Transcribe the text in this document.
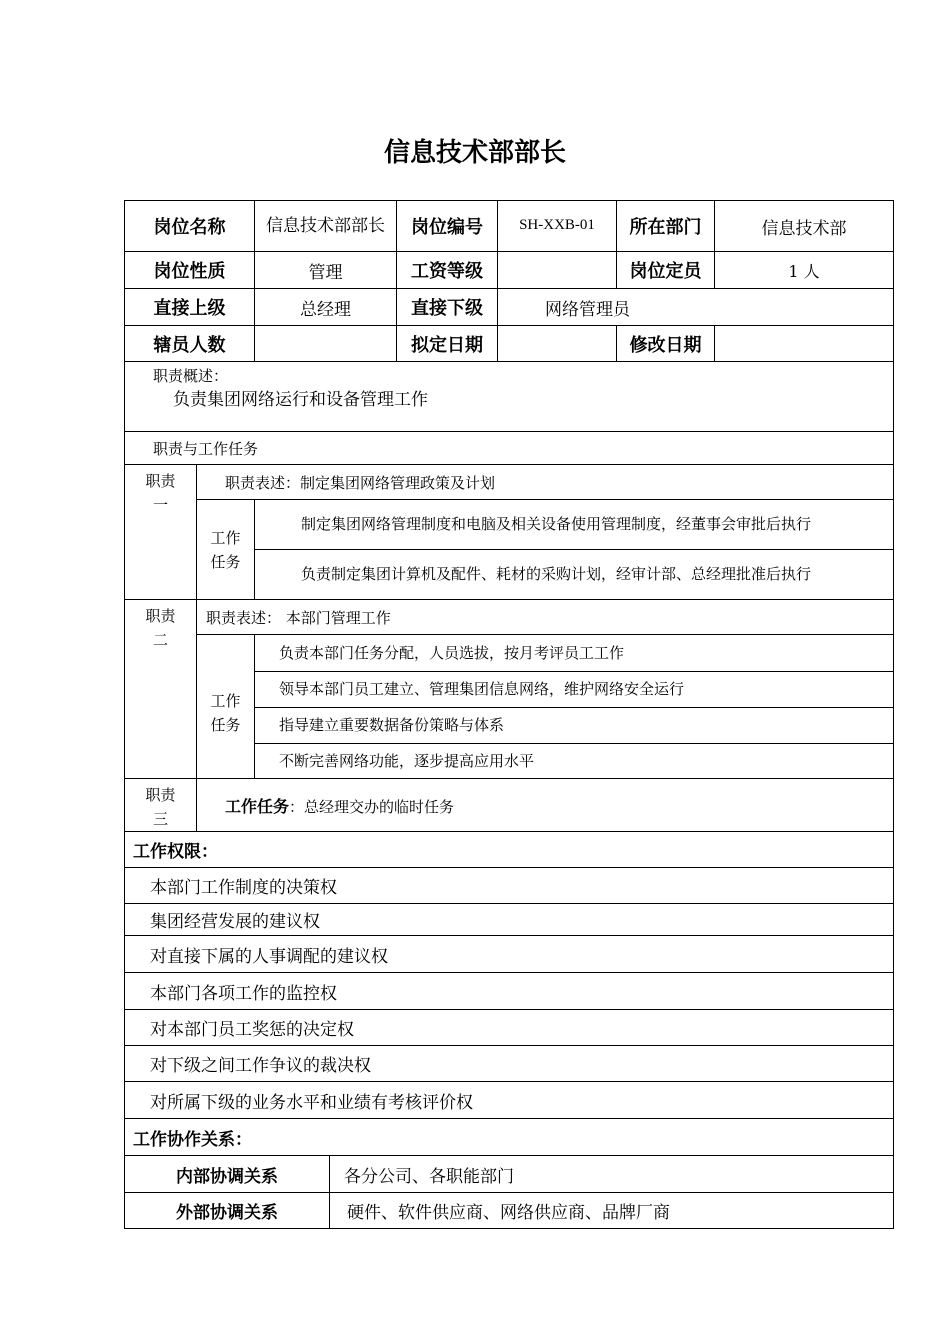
信息技术部部长
岗位名称		信息技术部部长		岗位编号	SH-XXB-01	所在部门	信息技术部
岗位性质		管理		工资等级		岗位定员	1 人
直接上级		总经理		直接下级	网络管理员		
辖员人数				拟定日期		修改日期	

职责概述：
负责集团网络运行和设备管理工作							

职责与工作任务							

职责一	职责表述：制定集团网络管理政策及计划						

	工作任务	制定集团网络管理制度和电脑及相关设备使用管理制度，经董事会审批后执行					
		负责制定集团计算机及配件、耗材的采购计划，经审计部、总经理批准后执行					

职责二	职责表述： 本部门管理工作						

	工作任务	负责本部门任务分配，人员选拔，按月考评员工工作					
		领导本部门员工建立、管理集团信息网络，维护网络安全运行					
		指导建立重要数据备份策略与体系					
		不断完善网络功能，逐步提高应用水平					

职责三	工作任务：总经理交办的临时任务						
工作权限：							
本部门工作制度的决策权							
集团经营发展的建议权							
对直接下属的人事调配的建议权							
本部门各项工作的监控权							
对本部门员工奖惩的决定权							
对下级之间工作争议的裁决权							
对所属下级的业务水平和业绩有考核评价权							
工作协作关系：							
内部协调关系			各分公司、各职能部门				
外部协调关系			硬件、软件供应商、网络供应商、品牌厂商				
